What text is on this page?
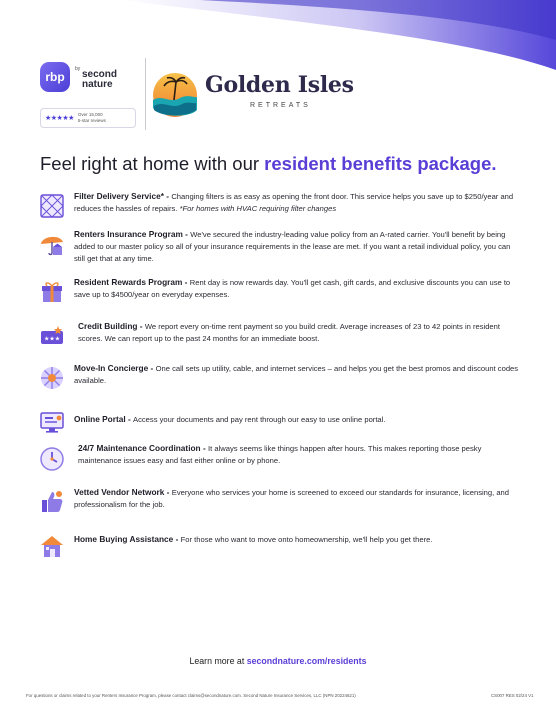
rbp
by second
nature
★★★★★
Over 15,000
5-star reviews
Golden Isles
RETREATS
Feel right at home with our resident benefits package.
Filter Delivery Service* - Changing filters is as easy as opening the front door. This service helps you save up to $250/year and reduces the hassles of repairs. *For homes with HVAC requiring filter changes
Renters Insurance Program - We've secured the industry-leading value policy from an A-rated carrier. You'll benefit by being added to our master policy so all of your insurance requirements in the lease are met. If you want a retail individual policy, you can still get that at any time.
Resident Rewards Program - Rent day is now rewards day. You'll get cash, gift cards, and exclusive discounts you can use to save up to $4500/year on everyday expenses.
★★★
Credit Building - We report every on-time rent payment so you build credit. Average increases of 23 to 42 points in resident scores. We can report up to the past 24 months for an immediate boost.
Move-In Concierge - One call sets up utility, cable, and internet services – and helps you get the best promos and discount codes available.
Online Portal - Access your documents and pay rent through our easy to use online portal.
24/7 Maintenance Coordination - It always seems like things happen after hours. This makes reporting those pesky maintenance issues easy and fast either online or by phone.
Vetted Vendor Network - Everyone who services your home is screened to exceed our standards for insurance, licensing, and professionalism for the job.
Home Buying Assistance - For those who want to move onto homeownership, we'll help you get there.
Learn more at secondnature.com/residents
For questions or claims related to your Renters Insurance Program, please contact claims@secondnature.com. Second Nature Insurance Services, LLC (NPN 20224621)	CS007 RES 02/24 V1
